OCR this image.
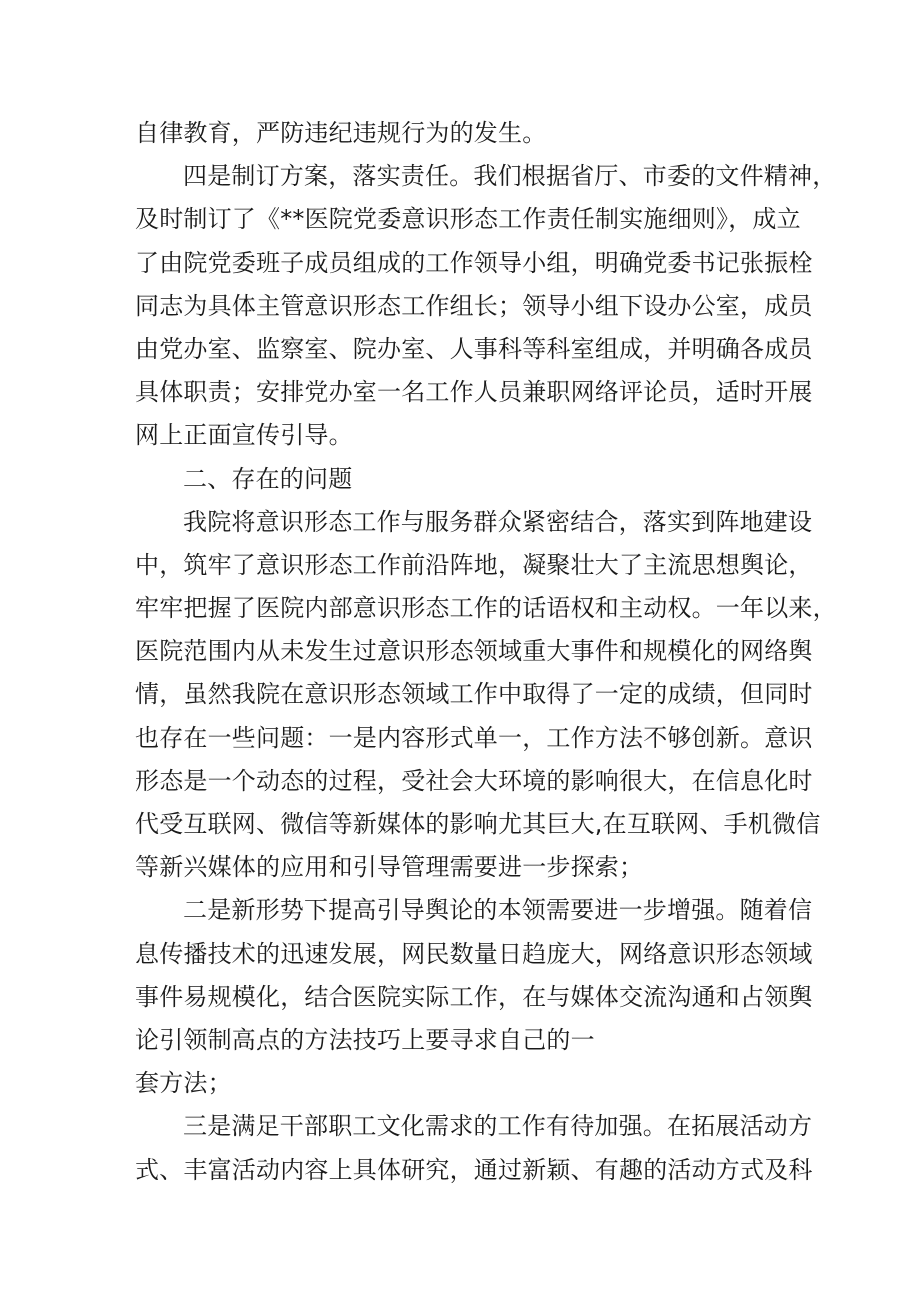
自律教育，严防违纪违规行为的发生。
四是制订方案，落实责任。我们根据省厅、市委的文件精神，
及时制订了《**医院党委意识形态工作责任制实施细则》，成立
了由院党委班子成员组成的工作领导小组，明确党委书记张振栓
同志为具体主管意识形态工作组长；领导小组下设办公室，成员
由党办室、监察室、院办室、人事科等科室组成，并明确各成员
具体职责；安排党办室一名工作人员兼职网络评论员，适时开展
网上正面宣传引导。
二、存在的问题
我院将意识形态工作与服务群众紧密结合，落实到阵地建设
中，筑牢了意识形态工作前沿阵地，凝聚壮大了主流思想舆论，
牢牢把握了医院内部意识形态工作的话语权和主动权。一年以来，
医院范围内从未发生过意识形态领域重大事件和规模化的网络舆
情，虽然我院在意识形态领域工作中取得了一定的成绩，但同时
也存在一些问题：一是内容形式单一，工作方法不够创新。意识
形态是一个动态的过程，受社会大环境的影响很大，在信息化时
代受互联网、微信等新媒体的影响尤其巨大,在互联网、手机微信
等新兴媒体的应用和引导管理需要进一步探索；
二是新形势下提高引导舆论的本领需要进一步增强。随着信
息传播技术的迅速发展，网民数量日趋庞大，网络意识形态领域
事件易规模化，结合医院实际工作，在与媒体交流沟通和占领舆
论引领制高点的方法技巧上要寻求自己的一
套方法；
三是满足干部职工文化需求的工作有待加强。在拓展活动方
式、丰富活动内容上具体研究，通过新颖、有趣的活动方式及科
